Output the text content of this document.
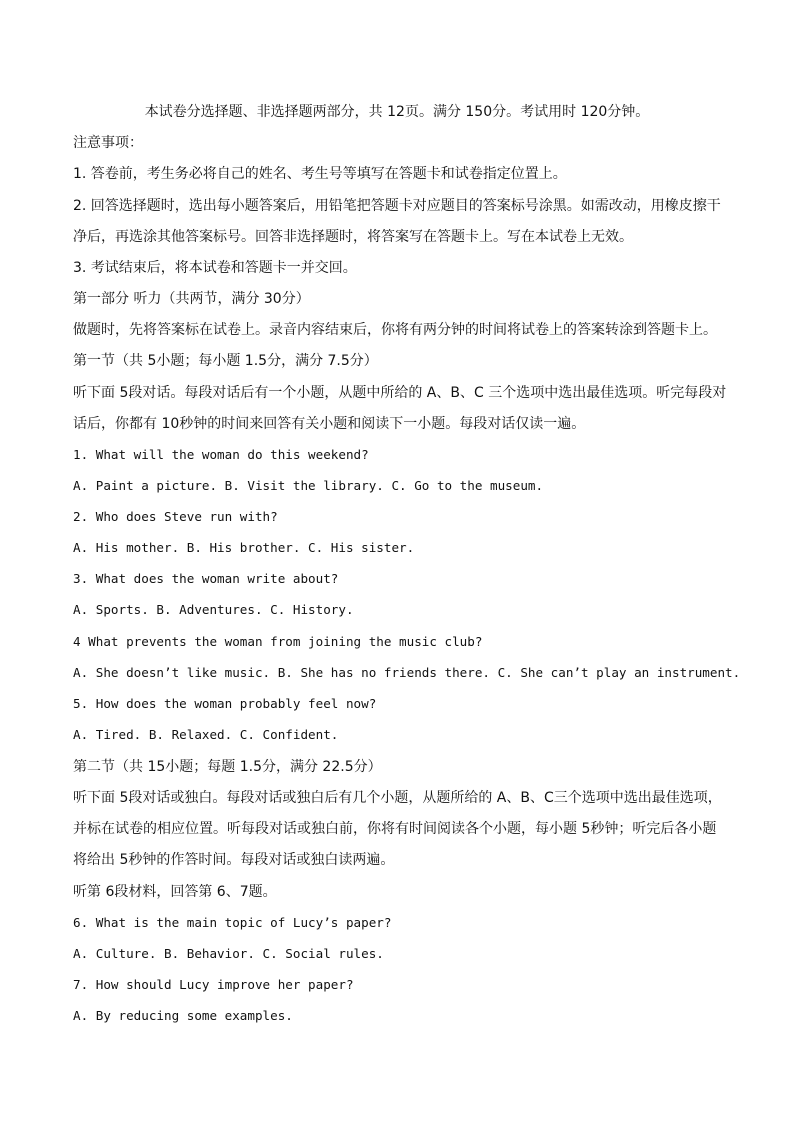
本试卷分选择题、非选择题两部分，共 12页。满分 150分。考试用时 120分钟。
注意事项：
1. 答卷前，考生务必将自己的姓名、考生号等填写在答题卡和试卷指定位置上。
2. 回答选择题时，选出每小题答案后，用铅笔把答题卡对应题目的答案标号涂黑。如需改动，用橡皮擦干
净后，再选涂其他答案标号。回答非选择题时，将答案写在答题卡上。写在本试卷上无效。
3. 考试结束后，将本试卷和答题卡一并交回。
第一部分 听力（共两节，满分 30分）
做题时，先将答案标在试卷上。录音内容结束后，你将有两分钟的时间将试卷上的答案转涂到答题卡上。
第一节（共 5小题；每小题 1.5分，满分 7.5分）
听下面 5段对话。每段对话后有一个小题，从题中所给的 A、B、C 三个选项中选出最佳选项。听完每段对
话后，你都有 10秒钟的时间来回答有关小题和阅读下一小题。每段对话仅读一遍。
1. What will the woman do this weekend?
A. Paint a picture. B. Visit the library. C. Go to the museum.
2. Who does Steve run with?
A. His mother. B. His brother. C. His sister.
3. What does the woman write about?
A. Sports. B. Adventures. C. History.
4 What prevents the woman from joining the music club?
A. She doesn’t like music. B. She has no friends there. C. She can’t play an instrument.
5. How does the woman probably feel now?
A. Tired. B. Relaxed. C. Confident.
第二节（共 15小题；每题 1.5分，满分 22.5分）
听下面 5段对话或独白。每段对话或独白后有几个小题，从题所给的 A、B、C三个选项中选出最佳选项，
并标在试卷的相应位置。听每段对话或独白前，你将有时间阅读各个小题，每小题 5秒钟；听完后各小题
将给出 5秒钟的作答时间。每段对话或独白读两遍。
听第 6段材料，回答第 6、7题。
6. What is the main topic of Lucy’s paper?
A. Culture. B. Behavior. C. Social rules.
7. How should Lucy improve her paper?
A. By reducing some examples.
